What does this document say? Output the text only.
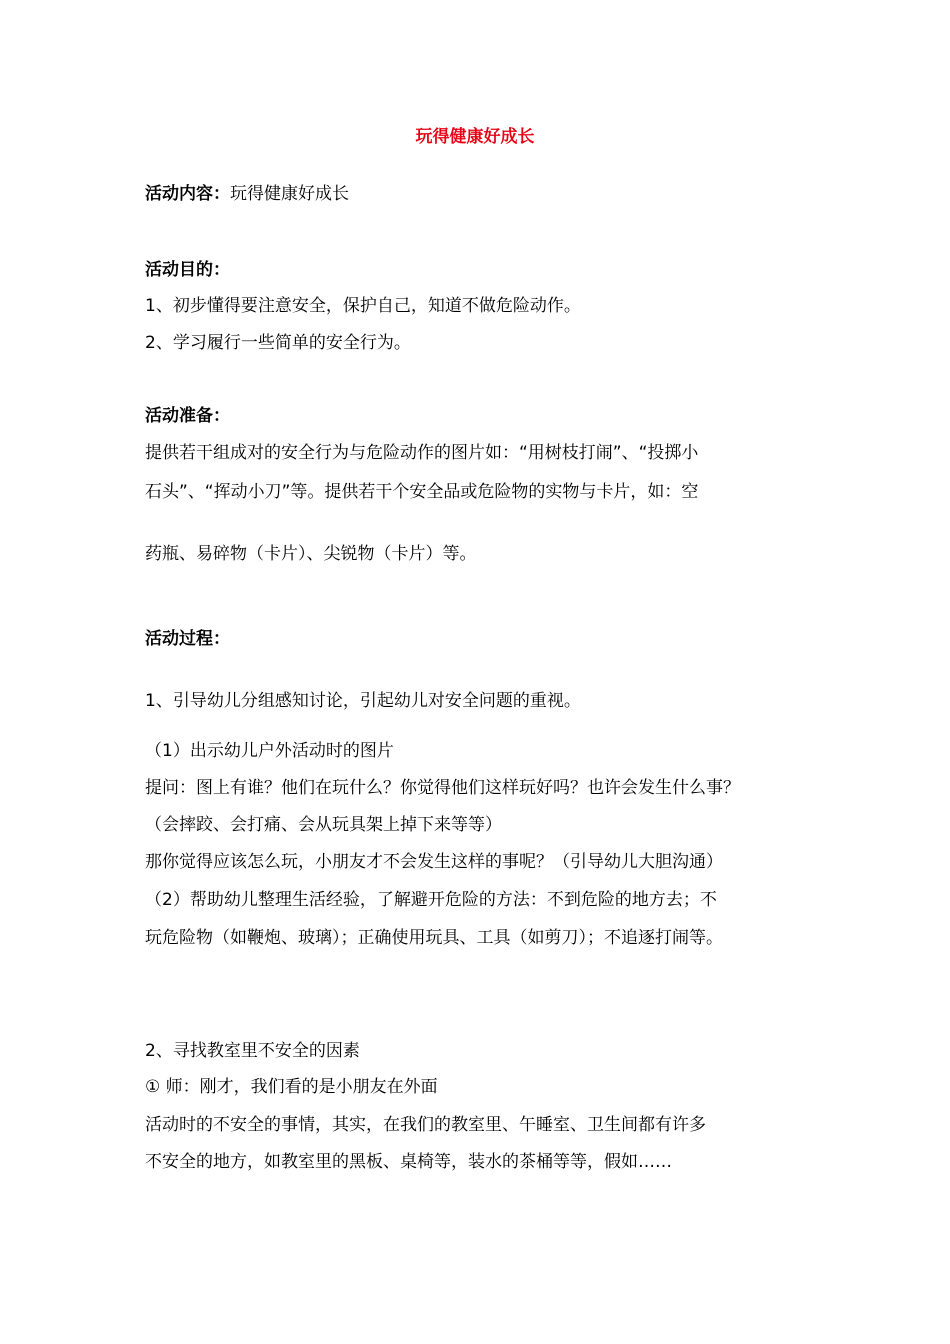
玩得健康好成长
活动内容：玩得健康好成长
活动目的：
1、初步懂得要注意安全，保护自己，知道不做危险动作。
2、学习履行一些简单的安全行为。
活动准备：
提供若干组成对的安全行为与危险动作的图片如：“用树枝打闹”、“投掷小
石头”、“挥动小刀”等。提供若干个安全品或危险物的实物与卡片，如：空
药瓶、易碎物（卡片）、尖锐物（卡片）等。
活动过程：
1、引导幼儿分组感知讨论，引起幼儿对安全问题的重视。
（1）出示幼儿户外活动时的图片
提问：图上有谁？他们在玩什么？你觉得他们这样玩好吗？也许会发生什么事？
（会摔跤、会打痛、会从玩具架上掉下来等等）
那你觉得应该怎么玩，小朋友才不会发生这样的事呢？（引导幼儿大胆沟通）
（2）帮助幼儿整理生活经验，了解避开危险的方法：不到危险的地方去；不
玩危险物（如鞭炮、玻璃）；正确使用玩具、工具（如剪刀）；不追逐打闹等。
2、寻找教室里不安全的因素
① 师：刚才，我们看的是小朋友在外面
活动时的不安全的事情，其实，在我们的教室里、午睡室、卫生间都有许多
不安全的地方，如教室里的黑板、桌椅等，装水的茶桶等等，假如……
